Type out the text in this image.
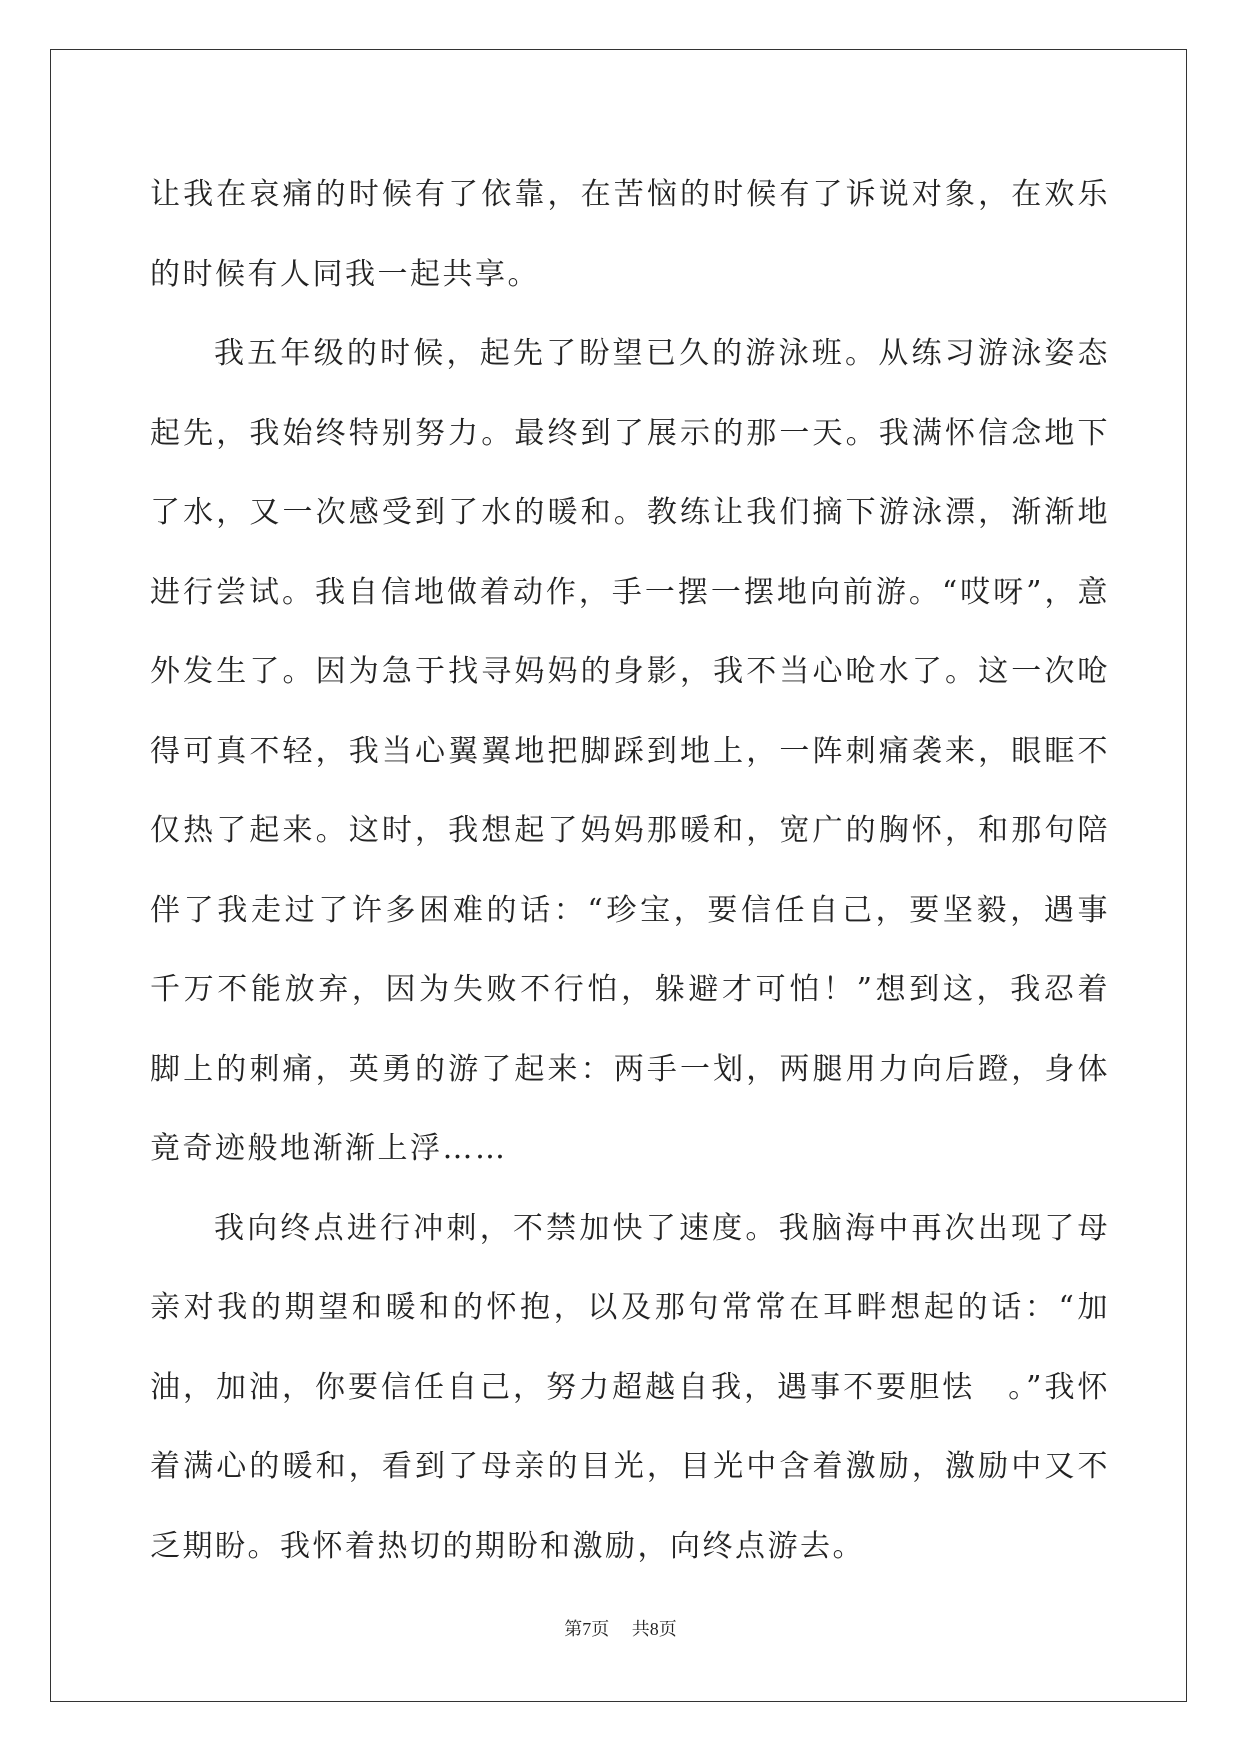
让我在哀痛的时候有了依靠，在苦恼的时候有了诉说对象，在欢乐的时候有人同我一起共享。

我五年级的时候，起先了盼望已久的游泳班。从练习游泳姿态起先，我始终特别努力。最终到了展示的那一天。我满怀信念地下了水，又一次感受到了水的暖和。教练让我们摘下游泳漂，渐渐地进行尝试。我自信地做着动作，手一摆一摆地向前游。“哎呀”，意外发生了。因为急于找寻妈妈的身影，我不当心呛水了。这一次呛得可真不轻，我当心翼翼地把脚踩到地上，一阵刺痛袭来，眼眶不仅热了起来。这时，我想起了妈妈那暖和，宽广的胸怀，和那句陪伴了我走过了许多困难的话：“珍宝，要信任自己，要坚毅，遇事千万不能放弃，因为失败不行怕，躲避才可怕！”想到这，我忍着脚上的刺痛，英勇的游了起来：两手一划，两腿用力向后蹬，身体竟奇迹般地渐渐上浮……

我向终点进行冲刺，不禁加快了速度。我脑海中再次出现了母亲对我的期望和暖和的怀抱，以及那句常常在耳畔想起的话：“加油，加油，你要信任自己，努力超越自我，遇事不要胆怯　。”我怀着满心的暖和，看到了母亲的目光，目光中含着激励，激励中又不乏期盼。我怀着热切的期盼和激励，向终点游去。

第7页 共8页
